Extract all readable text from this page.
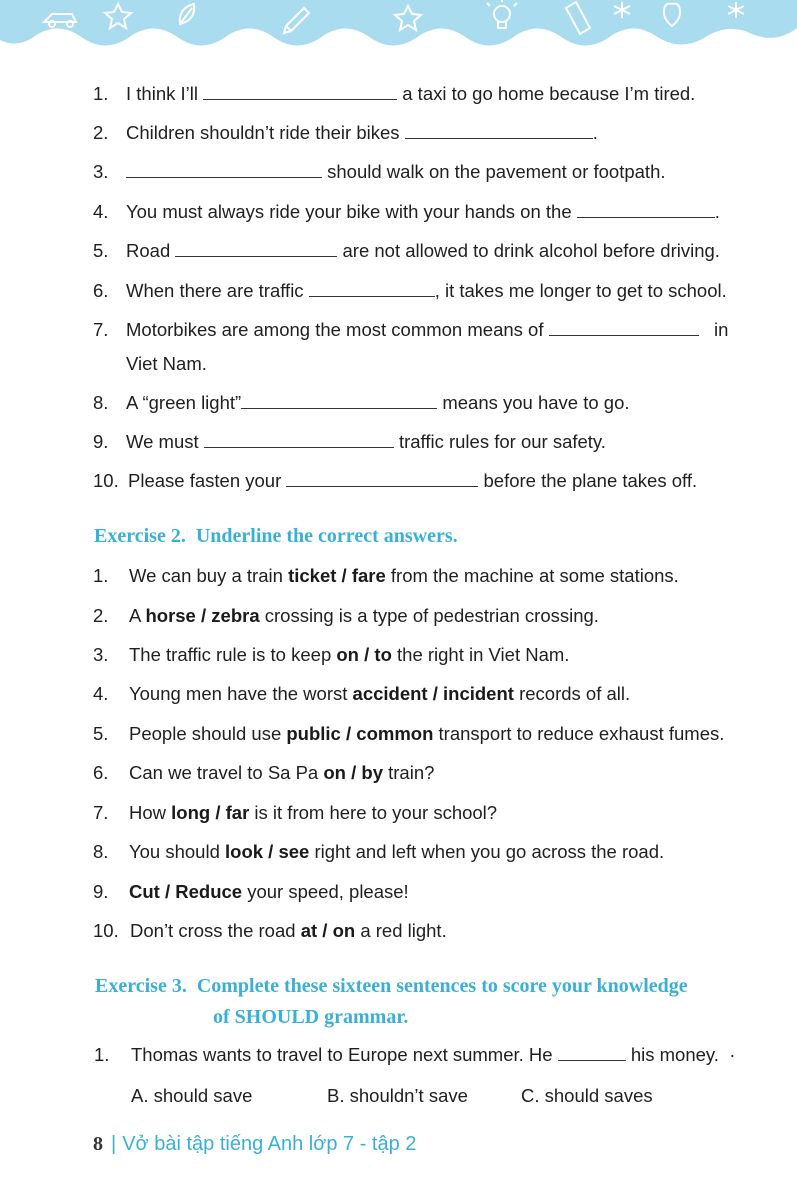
1. I think I’ll	a taxi to go home because I’m tired.
2. Children shouldn’t ride their bikes	.
3.	should walk on the pavement or footpath.
4. You must always ride your bike with your hands on the	.
5. Road	are not allowed to drink alcohol before driving.
6. When there are traffic	, it takes me longer to get to school.
7. Motorbikes are among the most common means of	in
Viet Nam.
8. A “green light”	means you have to go.
9. We must	traffic rules for our safety.
10. Please fasten your	before the plane takes off.
Exercise 2. Underline the correct answers.
1. We can buy a train ticket / fare from the machine at some stations.
2. A horse / zebra crossing is a type of pedestrian crossing.
3. The traffic rule is to keep on / to the right in Viet Nam.
4. Young men have the worst accident / incident records of all.
5. People should use public / common transport to reduce exhaust fumes.
6. Can we travel to Sa Pa on / by train?
7. How long / far is it from here to your school?
8. You should look / see right and left when you go across the road.
9. Cut / Reduce your speed, please!
10. Don’t cross the road at / on a red light.
Exercise 3. Complete these sixteen sentences to score your knowledge
of SHOULD grammar.
1. Thomas wants to travel to Europe next summer. He	his money. ·
A. should save	B. shouldn’t save	C. should saves
8 | Vở bài tập tiếng Anh lớp 7 - tập 2
